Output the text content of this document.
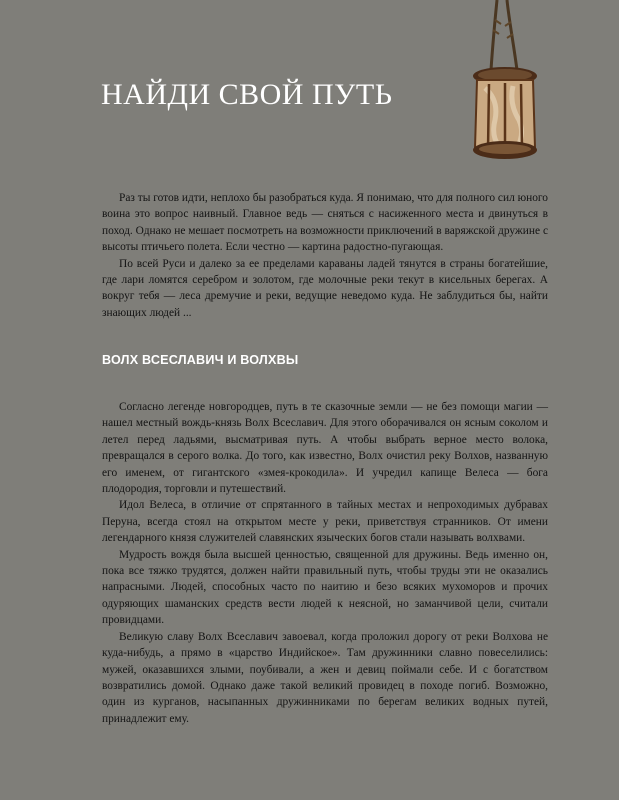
НАЙДИ СВОЙ ПУТЬ

Раз ты готов идти, неплохо бы разобраться куда. Я понимаю, что для полного сил юного воина это вопрос наивный. Главное ведь — сняться с насиженного места и двинуться в поход. Однако не мешает посмотреть на возможности приключений в варяжской дружине с высоты птичьего полета. Если честно — картина радостно-пугающая.

По всей Руси и далеко за ее пределами караваны ладей тянутся в страны богатейшие, где лари ломятся серебром и золотом, где молочные реки текут в кисельных берегах. А вокруг тебя — леса дремучие и реки, ведущие неведомо куда. Не заблудиться бы, найти знающих людей ...

ВОЛХ ВСЕСЛАВИЧ И ВОЛХВЫ

Согласно легенде новгородцев, путь в те сказочные земли — не без помощи магии — нашел местный вождь-князь Волх Всеславич. Для этого оборачивался он ясным соколом и летел перед ладьями, высматривая путь. А чтобы выбрать верное место волока, превращался в серого волка. До того, как известно, Волх очистил реку Волхов, названную его именем, от гигантского «змея-крокодила». И учредил капище Велеса — бога плодородия, торговли и путешествий.

Идол Велеса, в отличие от спрятанного в тайных местах и непроходимых дубравах Перуна, всегда стоял на открытом месте у реки, приветствуя странников. От имени легендарного князя служителей славянских языческих богов стали называть волхвами.

Мудрость вождя была высшей ценностью, священной для дружины. Ведь именно он, пока все тяжко трудятся, должен найти правильный путь, чтобы труды эти не оказались напрасными. Людей, способных часто по наитию и безо всяких мухоморов и прочих одуряющих шаманских средств вести людей к неясной, но заманчивой цели, считали провидцами.

Великую славу Волх Всеславич завоевал, когда проложил дорогу от реки Волхова не куда-нибудь, а прямо в «царство Индийское». Там дружинники славно повеселились: мужей, оказавшихся злыми, поубивали, а жен и девиц поймали себе. И с богатством возвратились домой. Однако даже такой великий провидец в походе погиб. Возможно, один из курганов, насыпанных дружинниками по берегам великих водных путей, принадлежит ему.
